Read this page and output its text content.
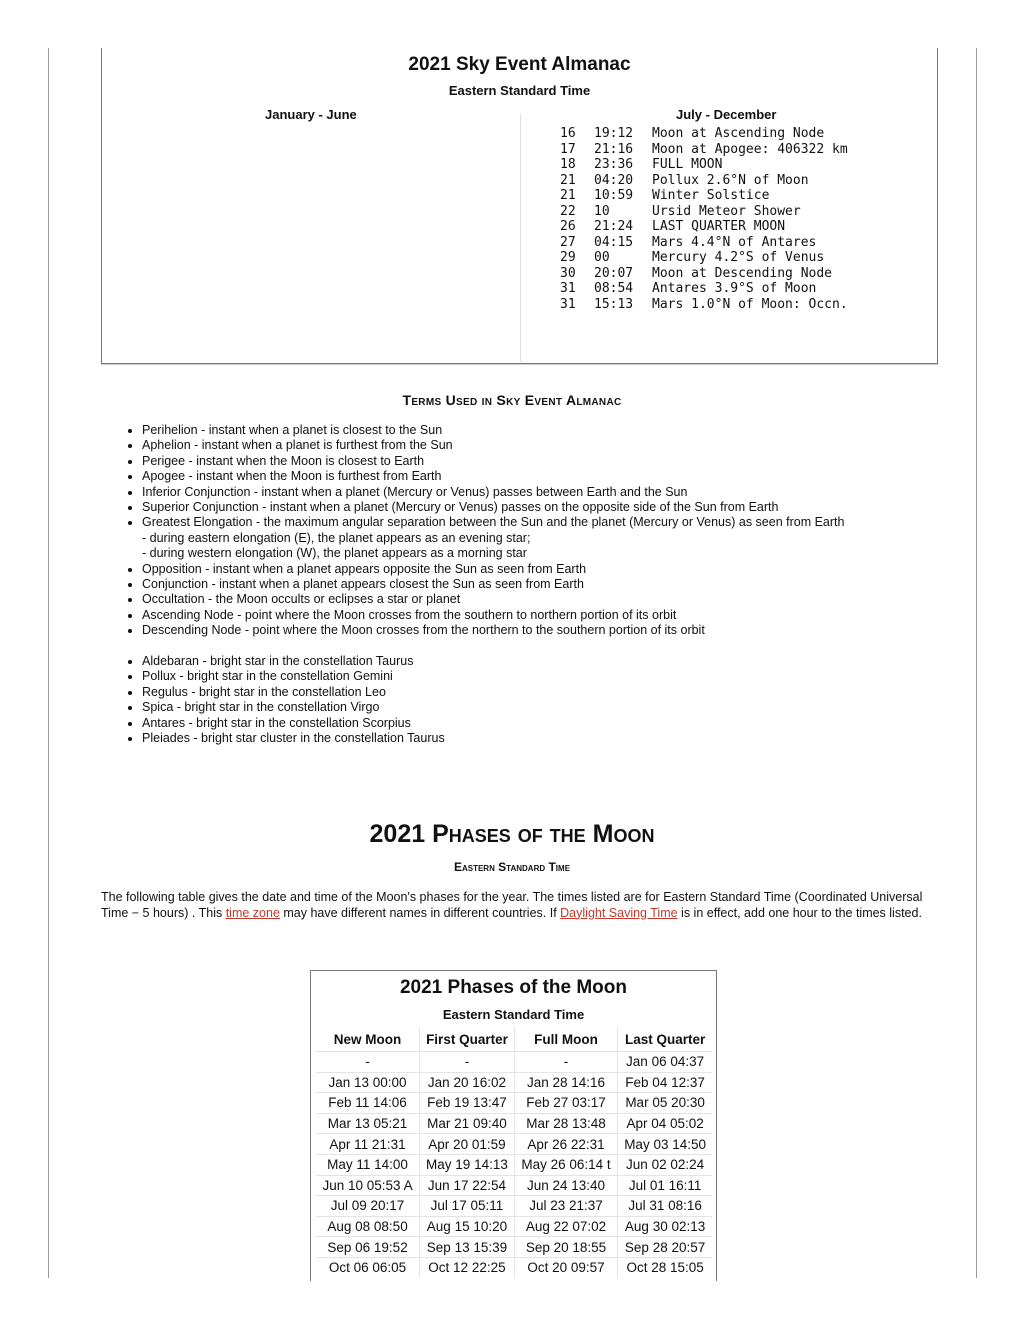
2021 Sky Event Almanac
Eastern Standard Time
January - June	July - December
16 19:12 Moon at Ascending Node
17 21:16 Moon at Apogee: 406322 km
18 23:36 FULL MOON
21 04:20 Pollux 2.6°N of Moon
21 10:59 Winter Solstice
22 10	Ursid Meteor Shower
26 21:24 LAST QUARTER MOON
27 04:15 Mars 4.4°N of Antares
29 00	Mercury 4.2°S of Venus
30 20:07 Moon at Descending Node
31 08:54 Antares 3.9°S of Moon
31 15:13 Mars 1.0°N of Moon: Occn.
Terms Used in Sky Event Almanac
• Perihelion - instant when a planet is closest to the Sun
• Aphelion - instant when a planet is furthest from the Sun
• Perigee - instant when the Moon is closest to Earth
• Apogee - instant when the Moon is furthest from Earth
• Inferior Conjunction - instant when a planet (Mercury or Venus) passes between Earth and the Sun
• Superior Conjunction - instant when a planet (Mercury or Venus) passes on the opposite side of the Sun from Earth
• Greatest Elongation - the maximum angular separation between the Sun and the planet (Mercury or Venus) as seen from Earth
- during eastern elongation (E), the planet appears as an evening star;
- during western elongation (W), the planet appears as a morning star
• Opposition - instant when a planet appears opposite the Sun as seen from Earth
• Conjunction - instant when a planet appears closest the Sun as seen from Earth
• Occultation - the Moon occults or eclipses a star or planet
• Ascending Node - point where the Moon crosses from the southern to northern portion of its orbit
• Descending Node - point where the Moon crosses from the northern to the southern portion of its orbit
• Aldebaran - bright star in the constellation Taurus
• Pollux - bright star in the constellation Gemini
• Regulus - bright star in the constellation Leo
• Spica - bright star in the constellation Virgo
• Antares - bright star in the constellation Scorpius
• Pleiades - bright star cluster in the constellation Taurus
2021 Phases of the Moon
Eastern Standard Time

The following table gives the date and time of the Moon's phases for the year. The times listed are for Eastern Standard Time (Coordinated Universal Time − 5 hours) . This time zone may have different names in different countries. If Daylight Saving Time is in effect, add one hour to the times listed.

2021 Phases of the Moon
Eastern Standard Time
New Moon	First Quarter	Full Moon	Last Quarter
-	-	-	Jan 06 04:37
Jan 13 00:00	Jan 20 16:02	Jan 28 14:16	Feb 04 12:37
Feb 11 14:06	Feb 19 13:47	Feb 27 03:17	Mar 05 20:30
Mar 13 05:21	Mar 21 09:40	Mar 28 13:48	Apr 04 05:02
Apr 11 21:31	Apr 20 01:59	Apr 26 22:31	May 03 14:50
May 11 14:00	May 19 14:13	May 26 06:14 t	Jun 02 02:24
Jun 10 05:53 A	Jun 17 22:54	Jun 24 13:40	Jul 01 16:11
Jul 09 20:17	Jul 17 05:11	Jul 23 21:37	Jul 31 08:16
Aug 08 08:50	Aug 15 10:20	Aug 22 07:02	Aug 30 02:13
Sep 06 19:52	Sep 13 15:39	Sep 20 18:55	Sep 28 20:57
Oct 06 06:05	Oct 12 22:25	Oct 20 09:57	Oct 28 15:05
